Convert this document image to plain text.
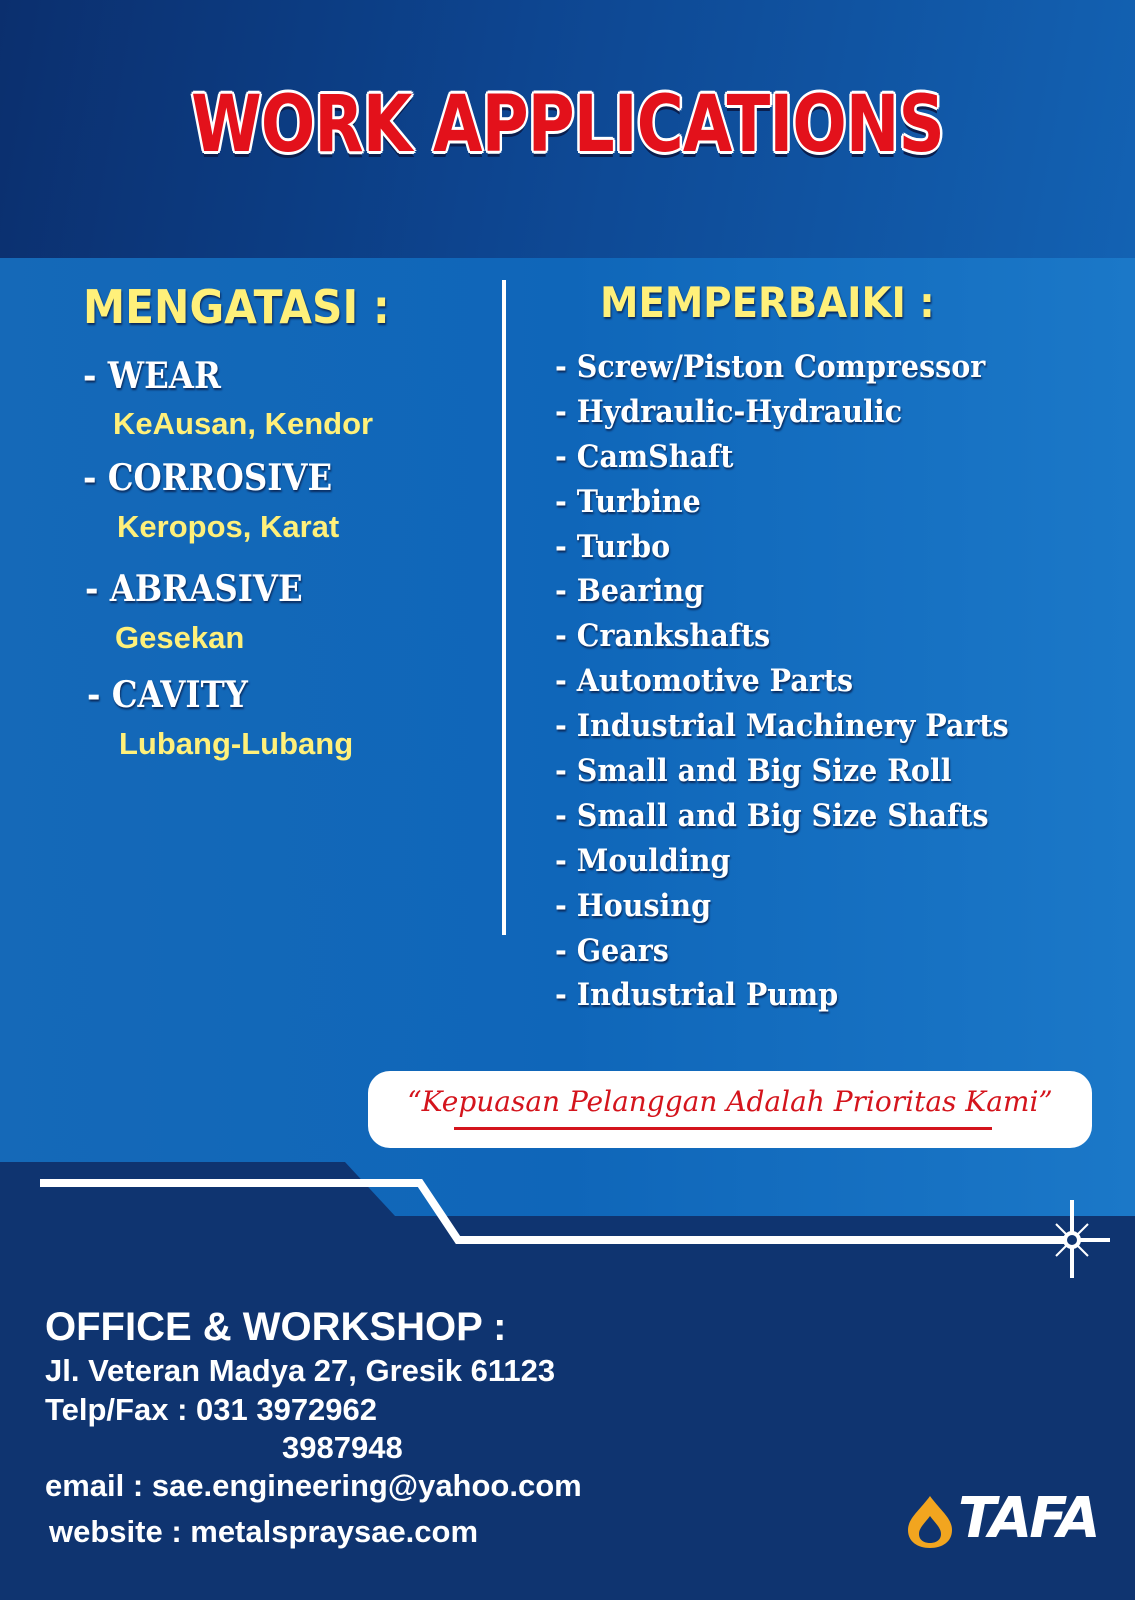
WORK APPLICATIONS
MENGATASI :
- WEAR
KeAusan, Kendor
- CORROSIVE
Keropos, Karat
- ABRASIVE
Gesekan
- CAVITY
Lubang-Lubang
MEMPERBAIKI :
- Screw/Piston Compressor
- Hydraulic-Hydraulic
- CamShaft
- Turbine
- Turbo
- Bearing
- Crankshafts
- Automotive Parts
- Industrial Machinery Parts
- Small and Big Size Roll
- Small and Big Size Shafts
- Moulding
- Housing
- Gears
- Industrial Pump
“Kepuasan Pelanggan Adalah Prioritas Kami”
OFFICE & WORKSHOP :
Jl. Veteran Madya 27, Gresik 61123
Telp/Fax : 031 3972962
3987948
email : sae.engineering@yahoo.com
website : metalspraysae.com	TAFA
